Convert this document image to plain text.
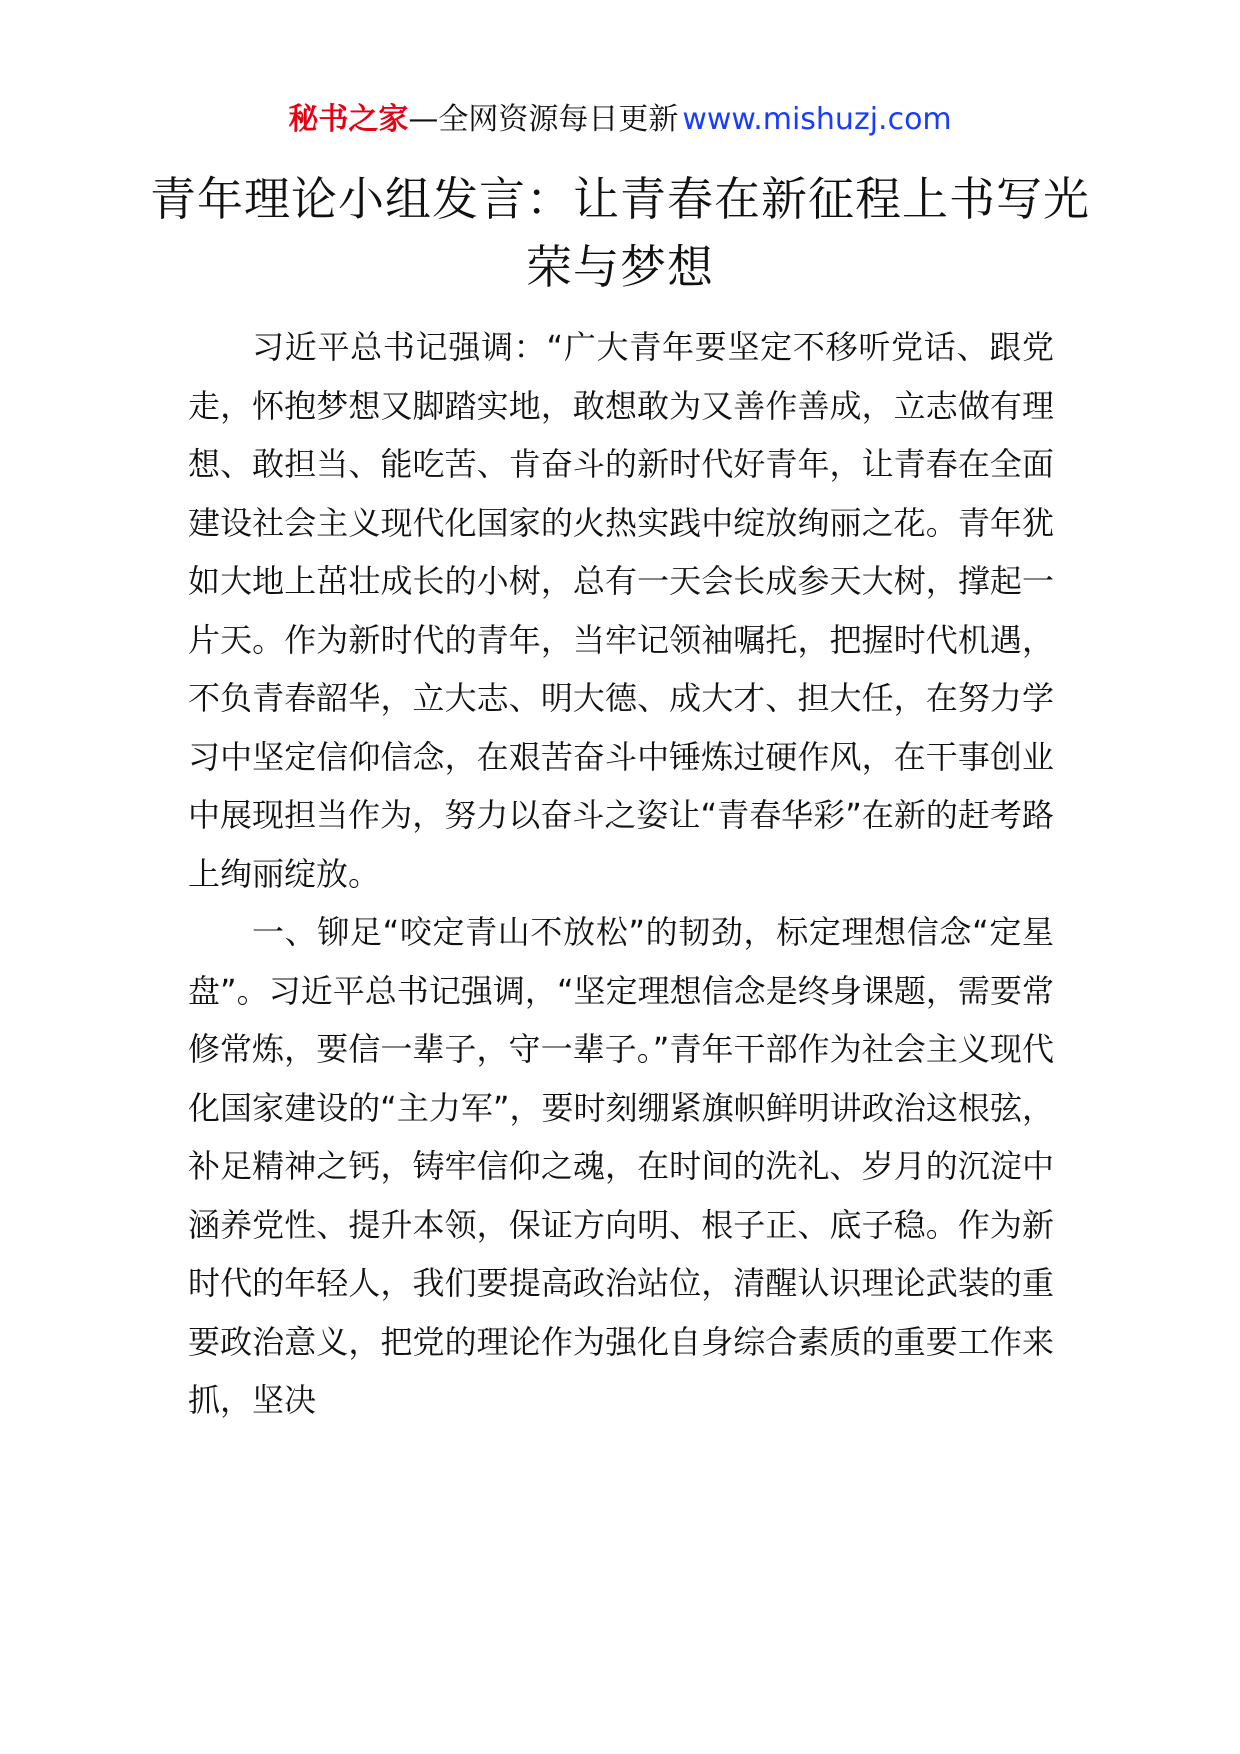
秘书之家—全网资源每日更新 www.mishuzj.com
青年理论小组发言：让青春在新征程上书写光荣与梦想

习近平总书记强调：“广大青年要坚定不移听党话、跟党走，怀抱梦想又脚踏实地，敢想敢为又善作善成，立志做有理想、敢担当、能吃苦、肯奋斗的新时代好青年，让青春在全面建设社会主义现代化国家的火热实践中绽放绚丽之花。青年犹如大地上茁壮成长的小树，总有一天会长成参天大树，撑起一片天。作为新时代的青年，当牢记领袖嘱托，把握时代机遇，不负青春韶华，立大志、明大德、成大才、担大任，在努力学习中坚定信仰信念，在艰苦奋斗中锤炼过硬作风，在干事创业中展现担当作为，努力以奋斗之姿让“青春华彩”在新的赶考路上绚丽绽放。

一、铆足“咬定青山不放松”的韧劲，标定理想信念“定星盘”。习近平总书记强调，“坚定理想信念是终身课题，需要常修常炼，要信一辈子，守一辈子。”青年干部作为社会主义现代化国家建设的“主力军”，要时刻绷紧旗帜鲜明讲政治这根弦，补足精神之钙，铸牢信仰之魂，在时间的洗礼、岁月的沉淀中涵养党性、提升本领，保证方向明、根子正、底子稳。作为新时代的年轻人，我们要提高政治站位，清醒认识理论武装的重要政治意义，把党的理论作为强化自身综合素质的重要工作来抓，坚决
